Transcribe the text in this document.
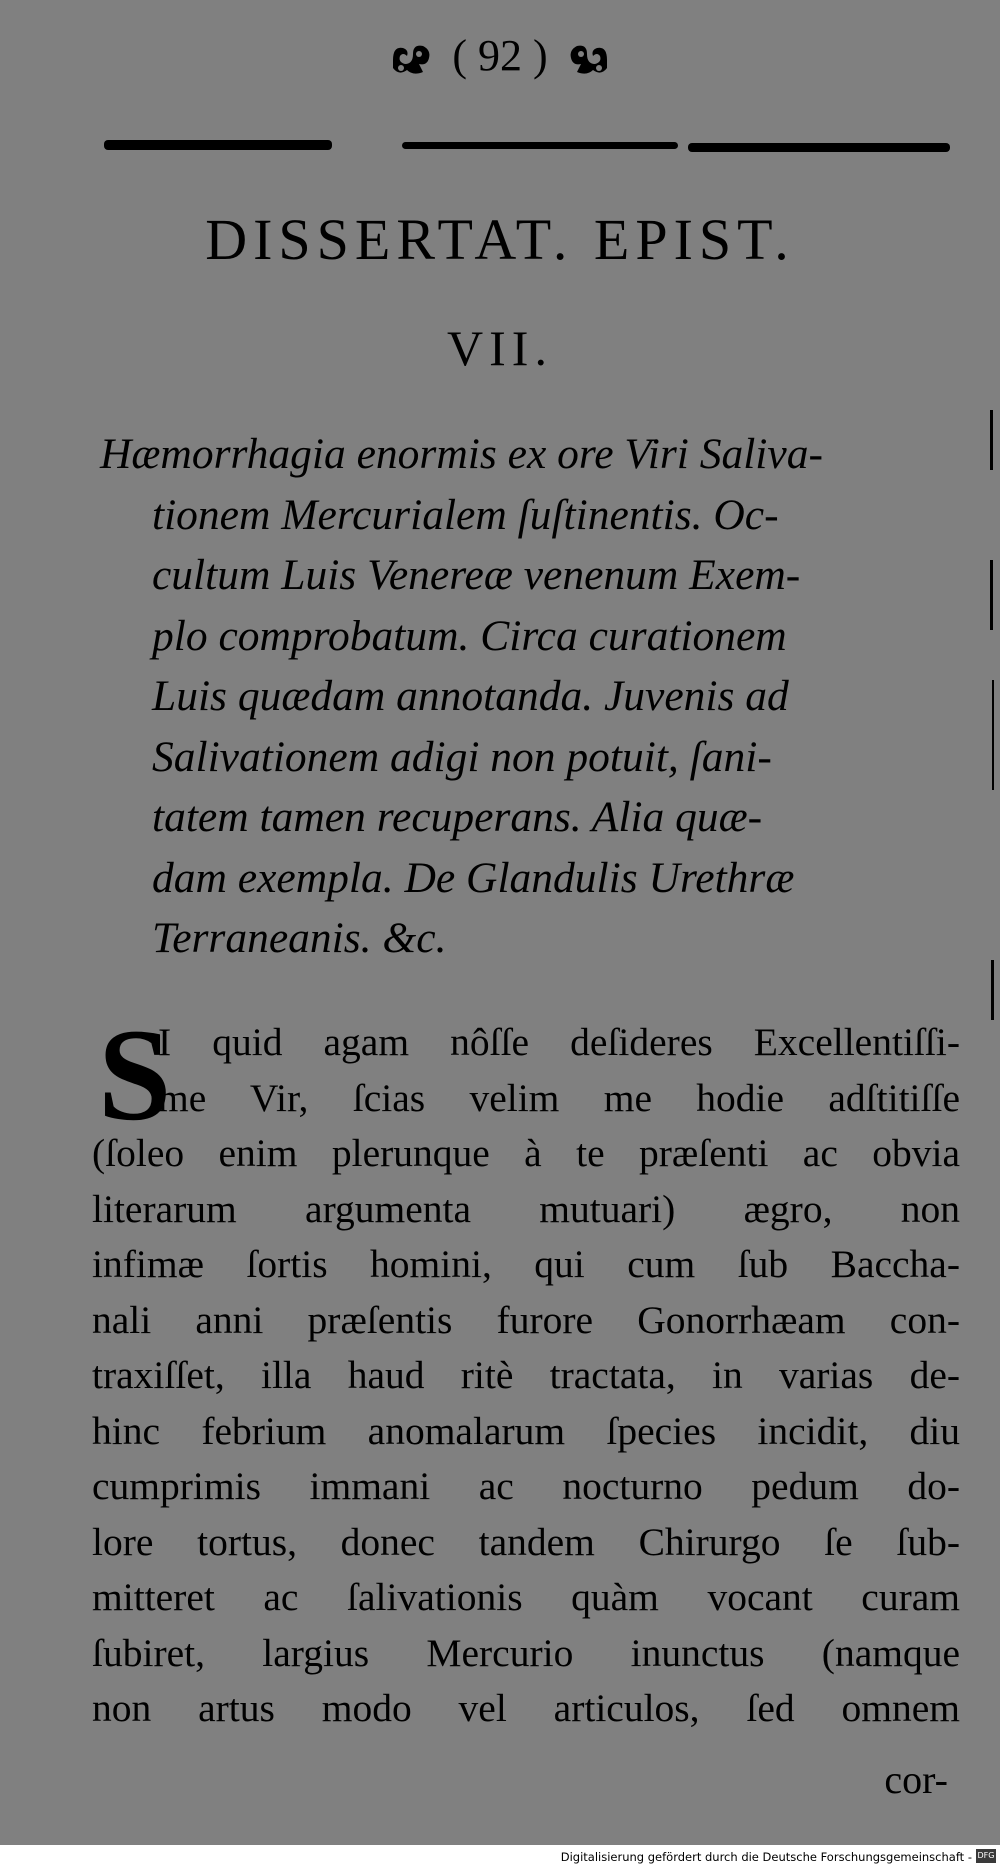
( 92 )
DISSERTAT. EPIST.
VII.
Hæmorrhagia enormis ex ore Viri Saliva-
tionem Mercurialem ſuſtinentis. Oc-
cultum Luis Venereæ venenum Exem-
plo comprobatum. Circa curationem
Luis quædam annotanda. Juvenis ad
Salivationem adigi non potuit, ſani-
tatem tamen recuperans. Alia quæ-
dam exempla. De Glandulis Urethræ
Terraneanis. &c.
S
I quid agam nôſſe deſideres Excellentiſſi-
me Vir, ſcias velim me hodie adſtitiſſe
(ſoleo enim plerunque à te præſenti ac obvia
literarum argumenta mutuari) ægro, non
infimæ ſortis homini, qui cum ſub Baccha-
nali anni præſentis furore Gonorrhæam con-
traxiſſet, illa haud ritè tractata, in varias de-
hinc febrium anomalarum ſpecies incidit, diu
cumprimis immani ac nocturno pedum do-
lore tortus, donec tandem Chirurgo ſe ſub-
mitteret ac ſalivationis quàm vocant curam
ſubiret, largius Mercurio inunctus (namque
non artus modo vel articulos, ſed omnem
cor-
Digitalisierung gefördert durch die Deutsche Forschungsgemeinschaft - DFG
